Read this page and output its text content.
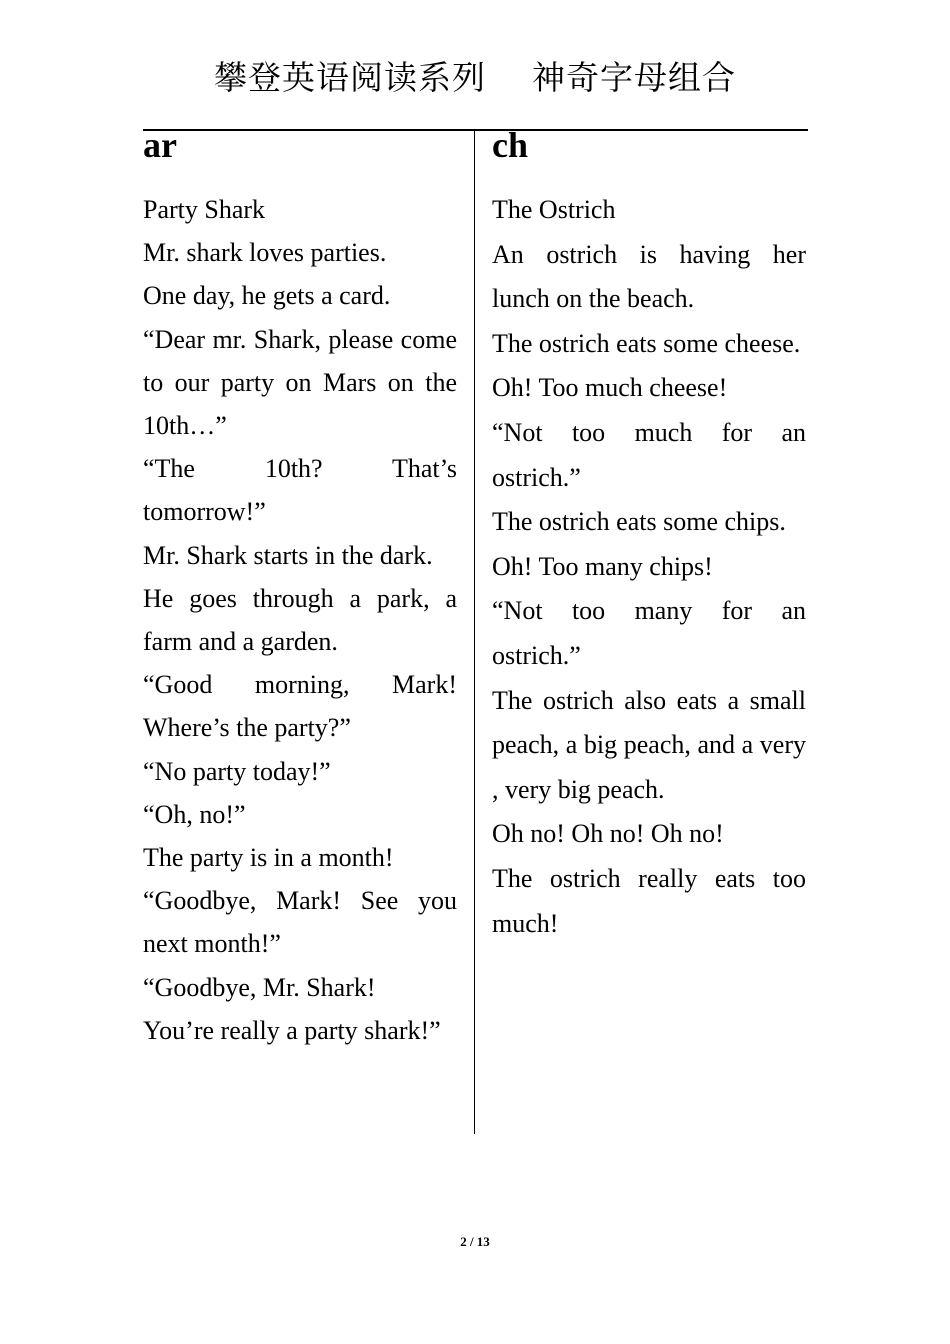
攀登英语阅读系列    神奇字母组合
ar

Party Shark

Mr. shark loves parties.

One day, he gets a card.

“Dear mr. Shark, please come to our party on Mars on the 10th…”

“The 10th? That’s tomorrow!”

Mr. Shark starts in the dark.

He goes through a park, a farm and a garden.

“Good morning, Mark! Where’s the party?”

“No party today!”

“Oh, no!”

The party is in a month!

“Goodbye, Mark! See you next month!”

“Goodbye, Mr. Shark!

You’re really a party shark!”

ch

The Ostrich

An ostrich is having her lunch on the beach.

The ostrich eats some cheese.

Oh! Too much cheese!

“Not too much for an ostrich.”

The ostrich eats some chips.

Oh! Too many chips!

“Not too many for an ostrich.”

The ostrich also eats a small peach, a big peach, and a very , very big peach.

Oh no! Oh no! Oh no!

The ostrich really eats too much!

2 / 13
